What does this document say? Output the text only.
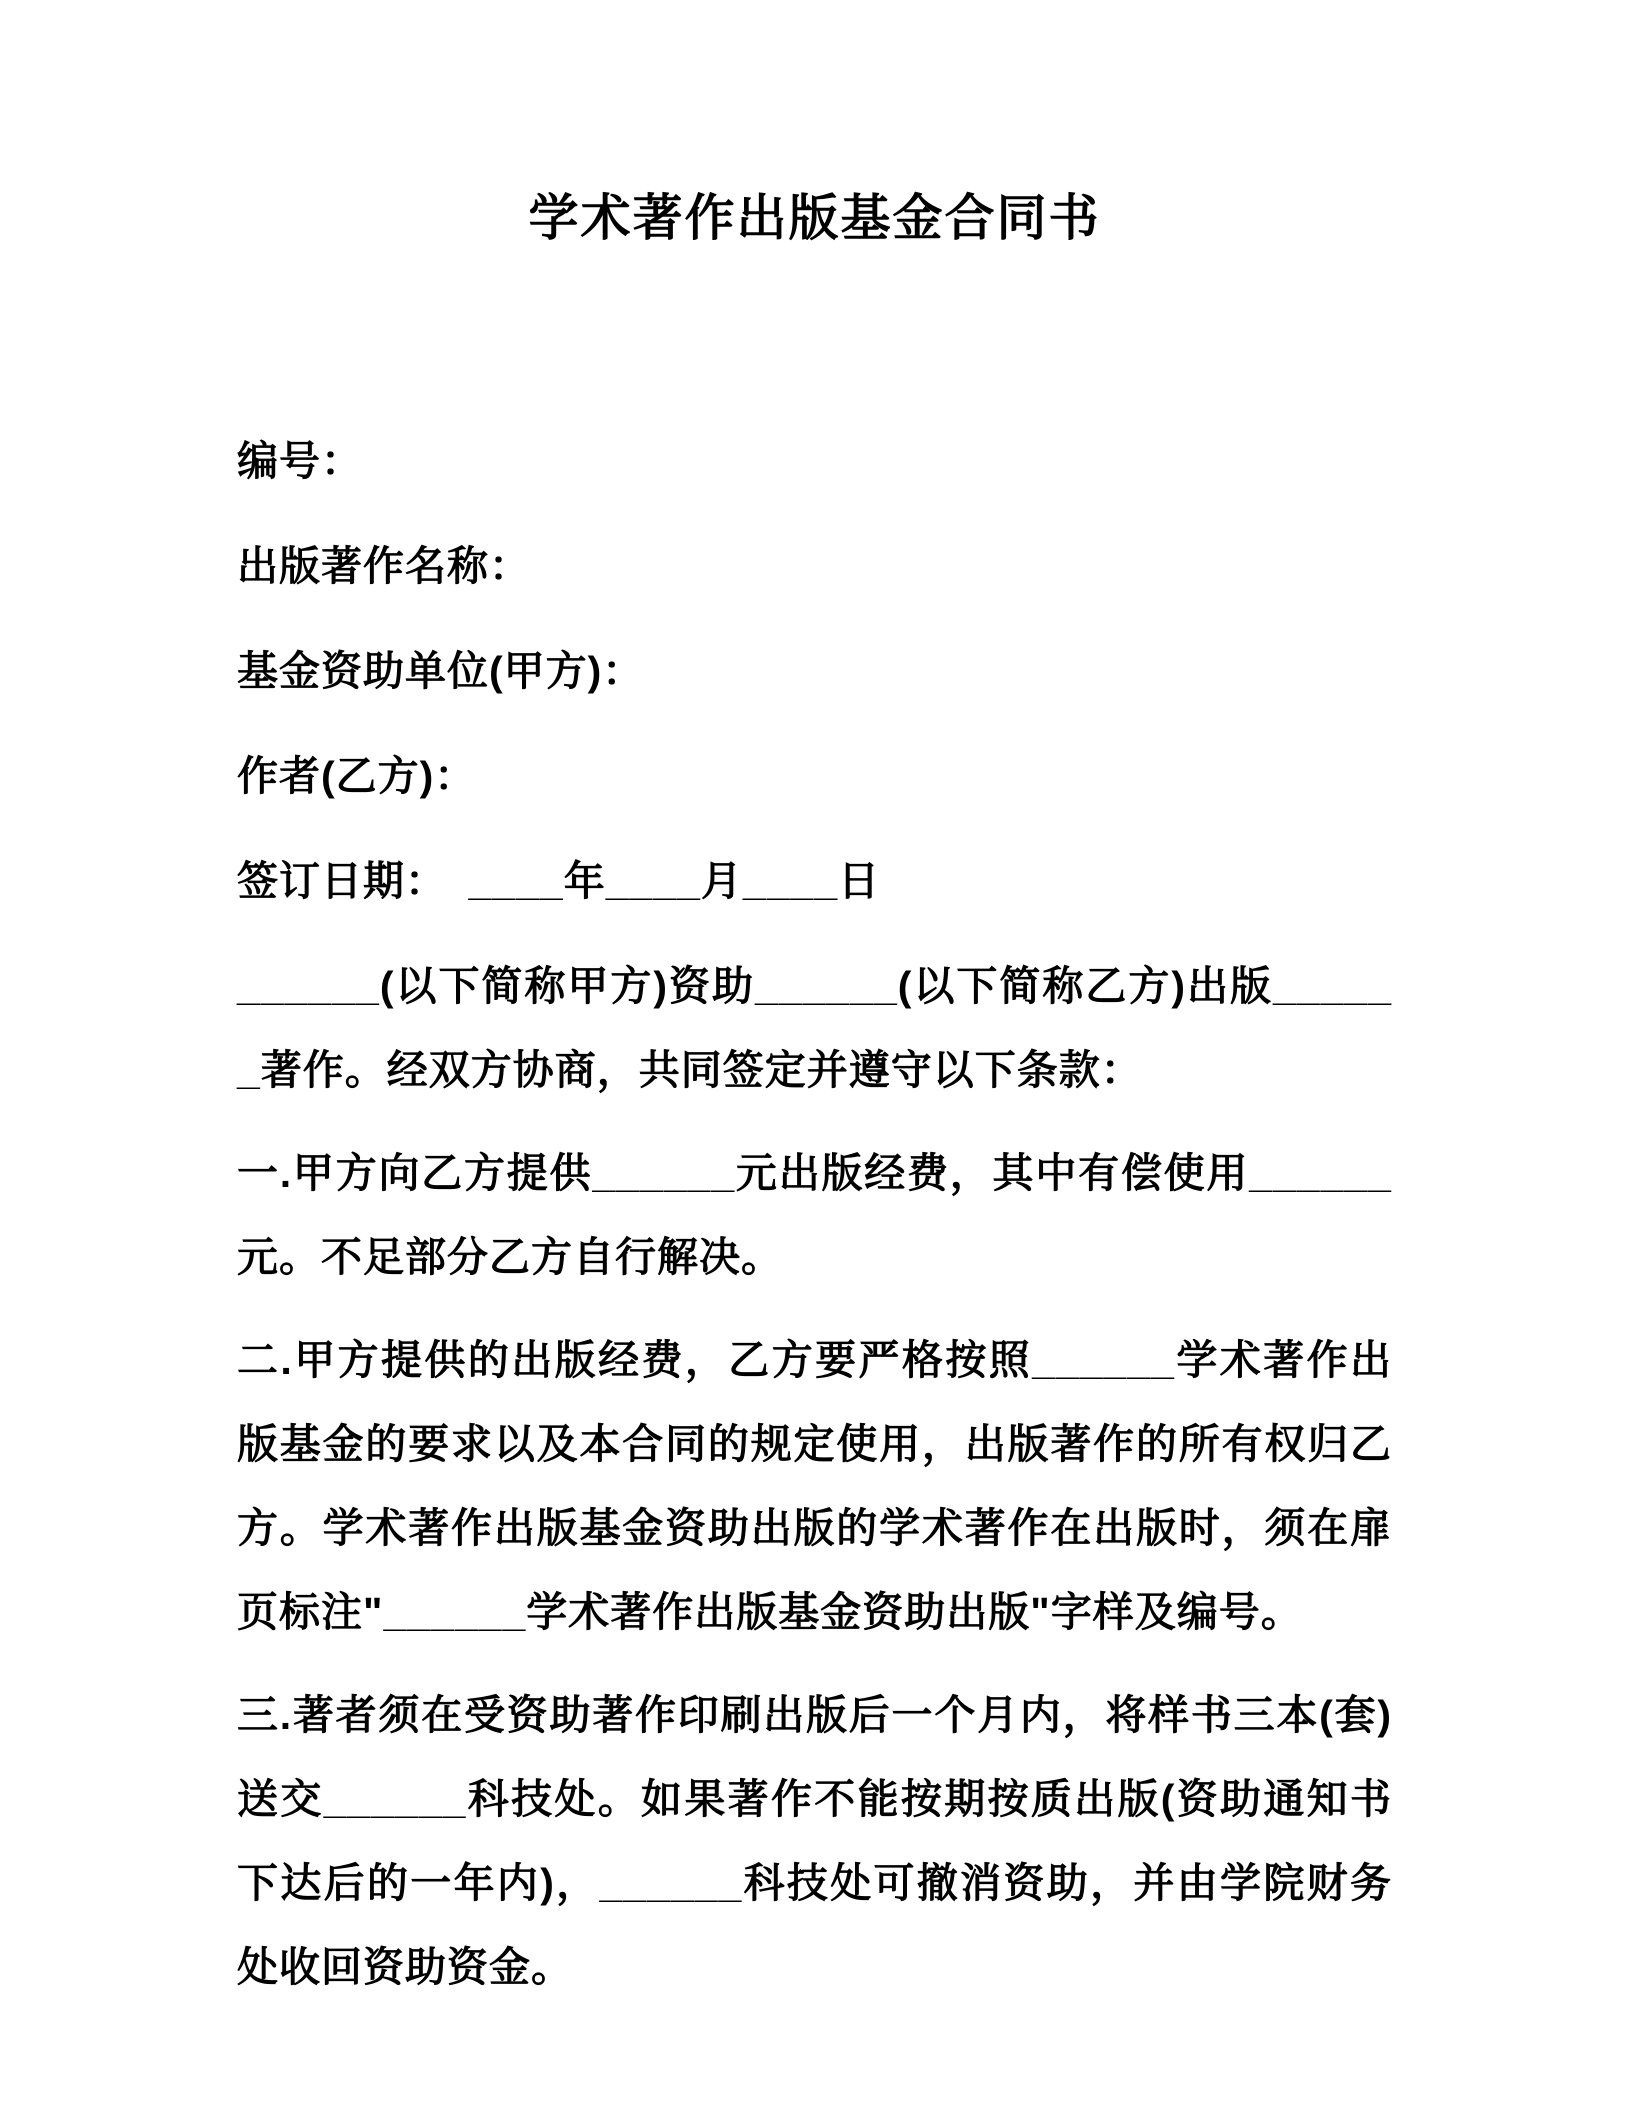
学术著作出版基金合同书

编号：

出版著作名称：

基金资助单位(甲方)：

作者(乙方)：

签订日期：　____年____月____日

______(以下简称甲方)资助______(以下简称乙方)出版______著作。经双方协商，共同签定并遵守以下条款：

一.甲方向乙方提供______元出版经费，其中有偿使用______元。不足部分乙方自行解决。

二.甲方提供的出版经费，乙方要严格按照______学术著作出版基金的要求以及本合同的规定使用，出版著作的所有权归乙方。学术著作出版基金资助出版的学术著作在出版时，须在扉页标注"______学术著作出版基金资助出版"字样及编号。

三.著者须在受资助著作印刷出版后一个月内，将样书三本(套)送交______科技处。如果著作不能按期按质出版(资助通知书下达后的一年内)，______科技处可撤消资助，并由学院财务处收回资助资金。
